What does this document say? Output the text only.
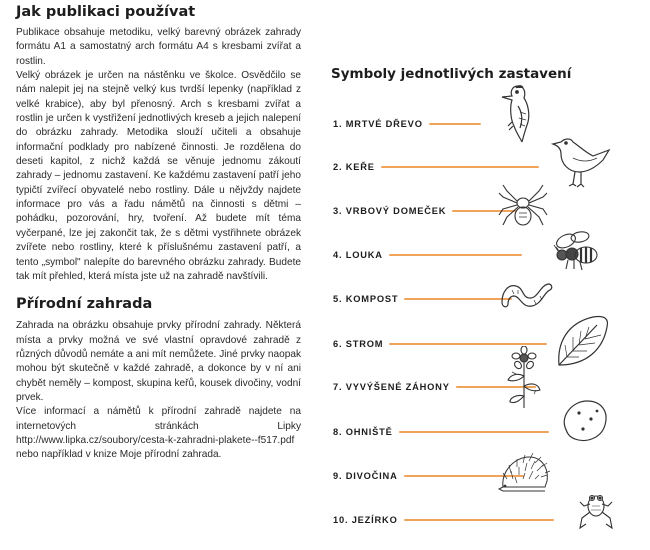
Jak publikaci používat

Publikace obsahuje metodiku, velký barevný obrázek zahrady formátu A1 a samostatný arch formátu A4 s kresbami zvířat a rostlin.

Velký obrázek je určen na nástěnku ve školce. Osvědčilo se nám nalepit jej na stejně velký kus tvrdší lepenky (například z velké krabice), aby byl přenosný. Arch s kresbami zvířat a rostlin je určen k vystřižení jednotlivých kreseb a jejich nalepení do obrázku zahrady. Metodika slouží učiteli a obsahuje informační podklady pro nabízené činnosti. Je rozdělena do deseti kapitol, z nichž každá se věnuje jednomu zákoutí zahrady – jednomu zastavení. Ke každému zastavení patří jeho typičtí zvířecí obyvatelé nebo rostliny. Dále u nějvždy najdete informace pro vás a řadu námětů na činnosti s dětmi – pohádku, pozorování, hry, tvoření. Až budete mít téma vyčerpané, lze jej zakončit tak, že s dětmi vystřihnete obrázek zvířete nebo rostliny, které k příslušnému zastavení patří, a tento „symbol" nalepíte do barevného obrázku zahrady. Budete tak mít přehled, která místa jste už na zahradě navštívili.

Přírodní zahrada

Zahrada na obrázku obsahuje prvky přírodní zahrady. Některá místa a prvky možná ve své vlastní opravdové zahradě z různých důvodů nemáte a ani mít nemůžete. Jiné prvky naopak mohou být skutečně v každé zahradě, a dokonce by v ní ani chybět neměly – kompost, skupina keřů, kousek divočiny, vodní prvek.

Více informací a námětů k přírodní zahradě najdete na internetových stránkách Lipky http://www.lipka.cz/soubory/cesta-k-zahradni-plakete--f517.pdf nebo například v knize Moje přírodní zahrada.

Symboly jednotlivých zastavení
1. MRTVÉ DŘEVO
2. KEŘE
3. VRBOVÝ DOMEČEK
4. LOUKA
5. KOMPOST
6. STROM
7. VYVÝŠENÉ ZÁHONY
8. OHNIŠTĚ
9. DIVOČINA
10. JEZÍRKO
